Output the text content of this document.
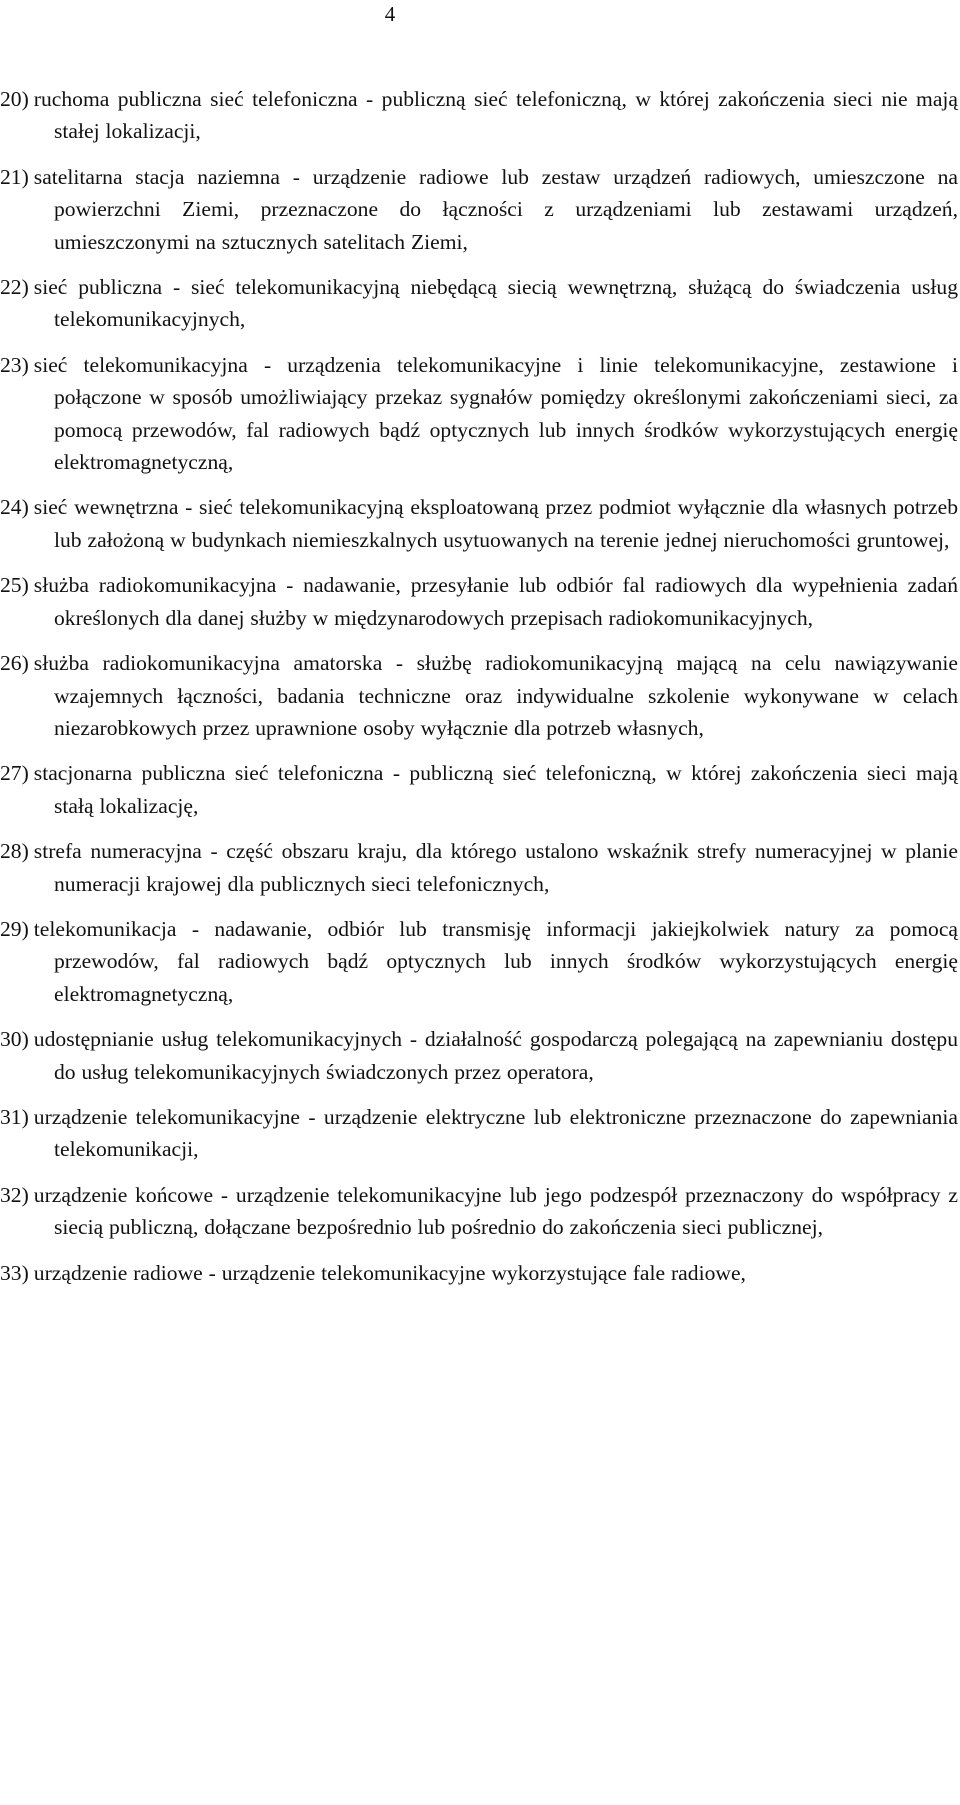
4
20) ruchoma publiczna sieć telefoniczna - publiczną sieć telefoniczną, w której zakończenia sieci nie mają stałej lokalizacji,
21) satelitarna stacja naziemna - urządzenie radiowe lub zestaw urządzeń radiowych, umieszczone na powierzchni Ziemi, przeznaczone do łączności z urządzeniami lub zestawami urządzeń, umieszczonymi na sztucznych satelitach Ziemi,
22) sieć publiczna - sieć telekomunikacyjną niebędącą siecią wewnętrzną, służącą do świadczenia usług telekomunikacyjnych,
23) sieć telekomunikacyjna - urządzenia telekomunikacyjne i linie telekomunikacyjne, zestawione i połączone w sposób umożliwiający przekaz sygnałów pomiędzy określonymi zakończeniami sieci, za pomocą przewodów, fal radiowych bądź optycznych lub innych środków wykorzystujących energię elektromagnetyczną,
24) sieć wewnętrzna - sieć telekomunikacyjną eksploatowaną przez podmiot wyłącznie dla własnych potrzeb lub założoną w budynkach niemieszkalnych usytuowanych na terenie jednej nieruchomości gruntowej,
25) służba radiokomunikacyjna - nadawanie, przesyłanie lub odbiór fal radiowych dla wypełnienia zadań określonych dla danej służby w międzynarodowych przepisach radiokomunikacyjnych,
26) służba radiokomunikacyjna amatorska - służbę radiokomunikacyjną mającą na celu nawiązywanie wzajemnych łączności, badania techniczne oraz indywidualne szkolenie wykonywane w celach niezarobkowych przez uprawnione osoby wyłącznie dla potrzeb własnych,
27) stacjonarna publiczna sieć telefoniczna - publiczną sieć telefoniczną, w której zakończenia sieci mają stałą lokalizację,
28) strefa numeracyjna - część obszaru kraju, dla którego ustalono wskaźnik strefy numeracyjnej w planie numeracji krajowej dla publicznych sieci telefonicznych,
29) telekomunikacja - nadawanie, odbiór lub transmisję informacji jakiejkolwiek natury za pomocą przewodów, fal radiowych bądź optycznych lub innych środków wykorzystujących energię elektromagnetyczną,
30) udostępnianie usług telekomunikacyjnych - działalność gospodarczą polegającą na zapewnianiu dostępu do usług telekomunikacyjnych świadczonych przez operatora,
31) urządzenie telekomunikacyjne - urządzenie elektryczne lub elektroniczne przeznaczone do zapewniania telekomunikacji,
32) urządzenie końcowe - urządzenie telekomunikacyjne lub jego podzespół przeznaczony do współpracy z siecią publiczną, dołączane bezpośrednio lub pośrednio do zakończenia sieci publicznej,
33) urządzenie radiowe - urządzenie telekomunikacyjne wykorzystujące fale radiowe,
